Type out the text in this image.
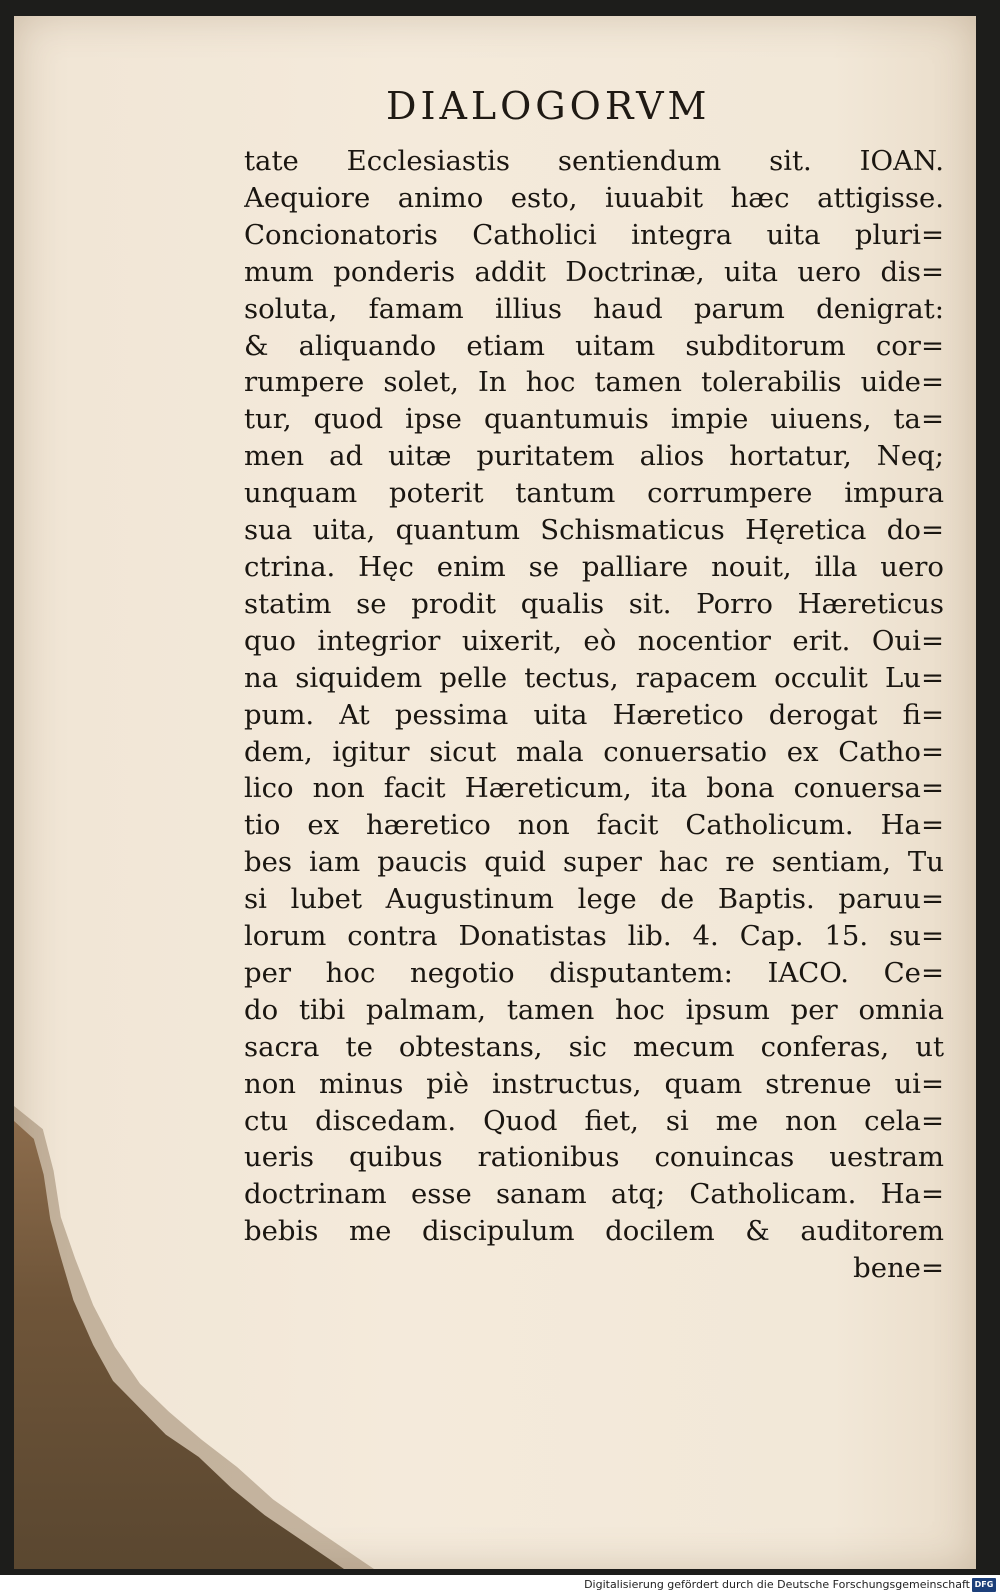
DIALOGORVM
tate Ecclesiastis sentiendum sit. IOAN.
Aequiore animo esto, iuuabit hæc attigisse.
Concionatoris Catholici integra uita pluri=
mum ponderis addit Doctrinæ, uita uero dis=
soluta, famam illius haud parum denigrat:
& aliquando etiam uitam subditorum cor=
rumpere solet, In hoc tamen tolerabilis uide=
tur, quod ipse quantumuis impie uiuens, ta=
men ad uitæ puritatem alios hortatur, Neq;
unquam poterit tantum corrumpere impura
sua uita, quantum Schismaticus Hęretica do=
ctrina. Hęc enim se palliare nouit, illa uero
statim se prodit qualis sit. Porro Hæreticus
quo integrior uixerit, eò nocentior erit. Oui=
na siquidem pelle tectus, rapacem occulit Lu=
pum. At pessima uita Hæretico derogat fi=
dem, igitur sicut mala conuersatio ex Catho=
lico non facit Hæreticum, ita bona conuersa=
tio ex hæretico non facit Catholicum. Ha=
bes iam paucis quid super hac re sentiam, Tu
si lubet Augustinum lege de Baptis. paruu=
lorum contra Donatistas lib. 4. Cap. 15. su=
per hoc negotio disputantem: IACO. Ce=
do tibi palmam, tamen hoc ipsum per omnia
sacra te obtestans, sic mecum conferas, ut
non minus piè instructus, quam strenue ui=
ctu discedam. Quod fiet, si me non cela=
ueris quibus rationibus conuincas uestram
doctrinam esse sanam atq; Catholicam. Ha=
bebis me discipulum docilem & auditorem
bene=
Digitalisierung gefördert durch die Deutsche Forschungsgemeinschaft DFG
